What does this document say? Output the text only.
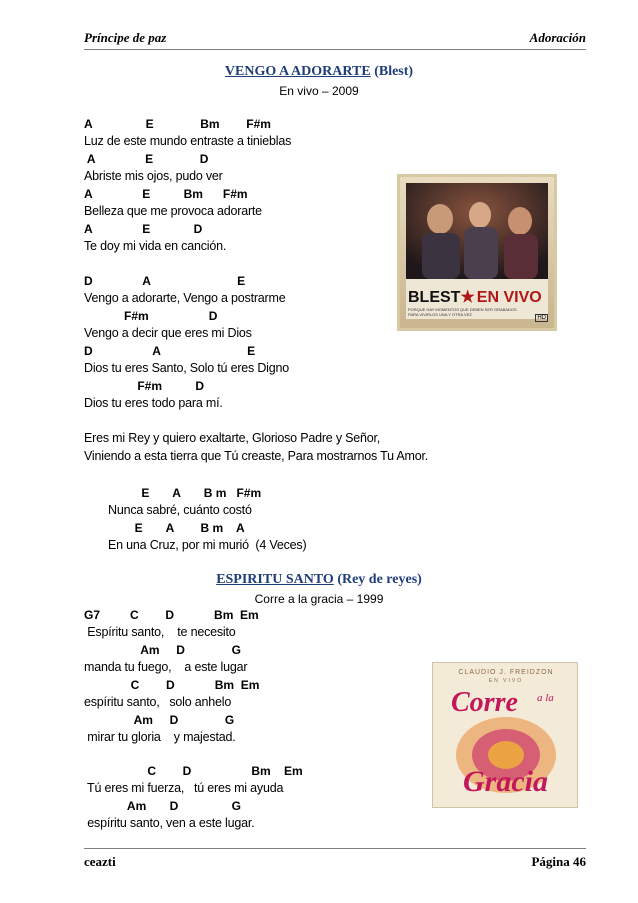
Príncipe de paz	Adoración
VENGO A ADORARTE (Blest)
En vivo – 2009
A                E              Bm        F#m
Luz de este mundo entraste a tinieblas
A               E              D
Abriste mis ojos, pudo ver
A               E          Bm      F#m
Belleza que me provoca adorarte
A               E             D
Te doy mi vida en canción.
D               A                          E
Vengo a adorarte, Vengo a postrarme
F#m                  D
Vengo a decir que eres mi Dios
D                  A                          E
Dios tu eres Santo, Solo tú eres Digno
F#m          D
Dios tu eres todo para mí.
Eres mi Rey y quiero exaltarte, Glorioso Padre y Señor,
Viniendo a esta tierra que Tú creaste, Para mostrarnos Tu Amor.
E       A       B m   F#m
Nunca sabré, cuánto costó
E       A        B m    A
En una Cruz, por mi murió  (4 Veces)
BLEST★ EN VIVO
PORQUE HAY MOMENTOS QUE DEBEN SER GRABADOS PARA VIVIRLOS UNA Y OTRA VEZ
HD
ESPIRITU SANTO (Rey de reyes)
Corre a la gracia – 1999
G7         C        D            Bm  Em
Espíritu santo,    te necesito
Am     D              G
manda tu fuego,    a este lugar
C        D            Bm  Em
espíritu santo,   solo anhelo
Am     D              G
mirar tu gloria    y majestad.
C        D                  Bm    Em
Tú eres mi fuerza,   tú eres mi ayuda
Am       D                G
espíritu santo, ven a este lugar.
CLAUDIO J. FREIDZON
EN VIVO
Corre a la
Gracia
ceazti	Página 46
